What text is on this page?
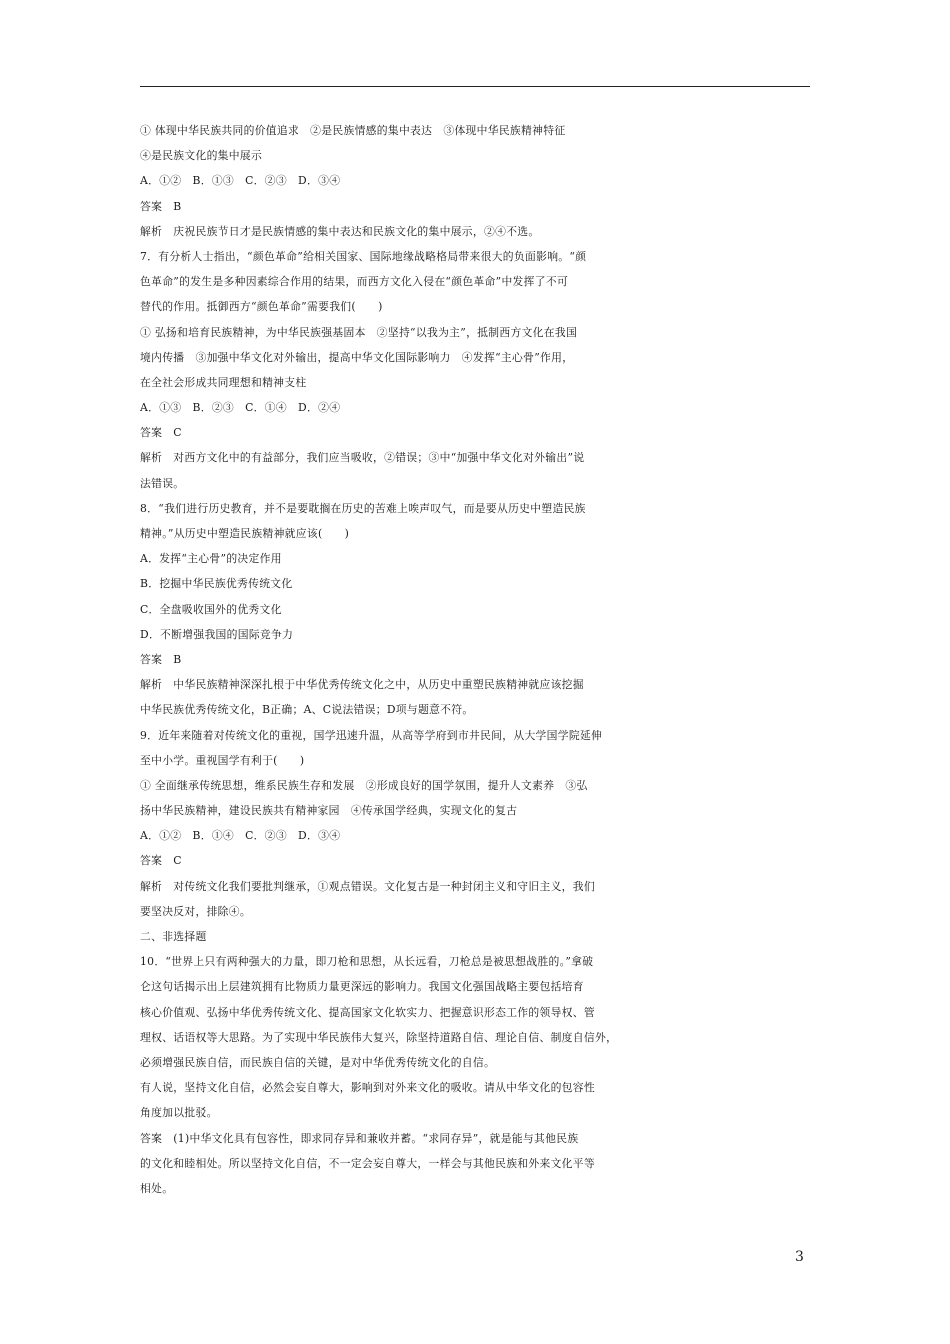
① 体现中华民族共同的价值追求　②是民族情感的集中表达　③体现中华民族精神特征
④是民族文化的集中展示
A．①②　B．①③　C．②③　D．③④
答案　B
解析　庆祝民族节日才是民族情感的集中表达和民族文化的集中展示，②④不选。
7．有分析人士指出，“颜色革命”给相关国家、国际地缘战略格局带来很大的负面影响。“颜
色革命”的发生是多种因素综合作用的结果，而西方文化入侵在“颜色革命”中发挥了不可
替代的作用。抵御西方“颜色革命”需要我们(　　)
① 弘扬和培育民族精神，为中华民族强基固本　②坚持“以我为主”，抵制西方文化在我国
境内传播　③加强中华文化对外输出，提高中华文化国际影响力　④发挥“主心骨”作用，
在全社会形成共同理想和精神支柱
A．①③　B．②③　C．①④　D．②④
答案　C
解析　对西方文化中的有益部分，我们应当吸收，②错误；③中“加强中华文化对外输出”说
法错误。
8．“我们进行历史教育，并不是要耽搁在历史的苦难上唉声叹气，而是要从历史中塑造民族
精神。”从历史中塑造民族精神就应该(　　)
A．发挥“主心骨”的决定作用
B．挖掘中华民族优秀传统文化
C．全盘吸收国外的优秀文化
D．不断增强我国的国际竞争力
答案　B
解析　中华民族精神深深扎根于中华优秀传统文化之中，从历史中重塑民族精神就应该挖掘
中华民族优秀传统文化，B正确；A、C说法错误；D项与题意不符。
9．近年来随着对传统文化的重视，国学迅速升温，从高等学府到市井民间，从大学国学院延伸
至中小学。重视国学有利于(　　)
① 全面继承传统思想，维系民族生存和发展　②形成良好的国学氛围，提升人文素养　③弘
扬中华民族精神，建设民族共有精神家园　④传承国学经典，实现文化的复古
A．①②　B．①④　C．②③　D．③④
答案　C
解析　对传统文化我们要批判继承，①观点错误。文化复古是一种封闭主义和守旧主义，我们
要坚决反对，排除④。
二、非选择题
10．“世界上只有两种强大的力量，即刀枪和思想，从长远看，刀枪总是被思想战胜的。”拿破
仑这句话揭示出上层建筑拥有比物质力量更深远的影响力。我国文化强国战略主要包括培育
核心价值观、弘扬中华优秀传统文化、提高国家文化软实力、把握意识形态工作的领导权、管
理权、话语权等大思路。为了实现中华民族伟大复兴，除坚持道路自信、理论自信、制度自信外，
必须增强民族自信，而民族自信的关键，是对中华优秀传统文化的自信。
有人说，坚持文化自信，必然会妄自尊大，影响到对外来文化的吸收。请从中华文化的包容性
角度加以批驳。
答案　(1)中华文化具有包容性，即求同存异和兼收并蓄。“求同存异”，就是能与其他民族
的文化和睦相处。所以坚持文化自信，不一定会妄自尊大，一样会与其他民族和外来文化平等
相处。
3
